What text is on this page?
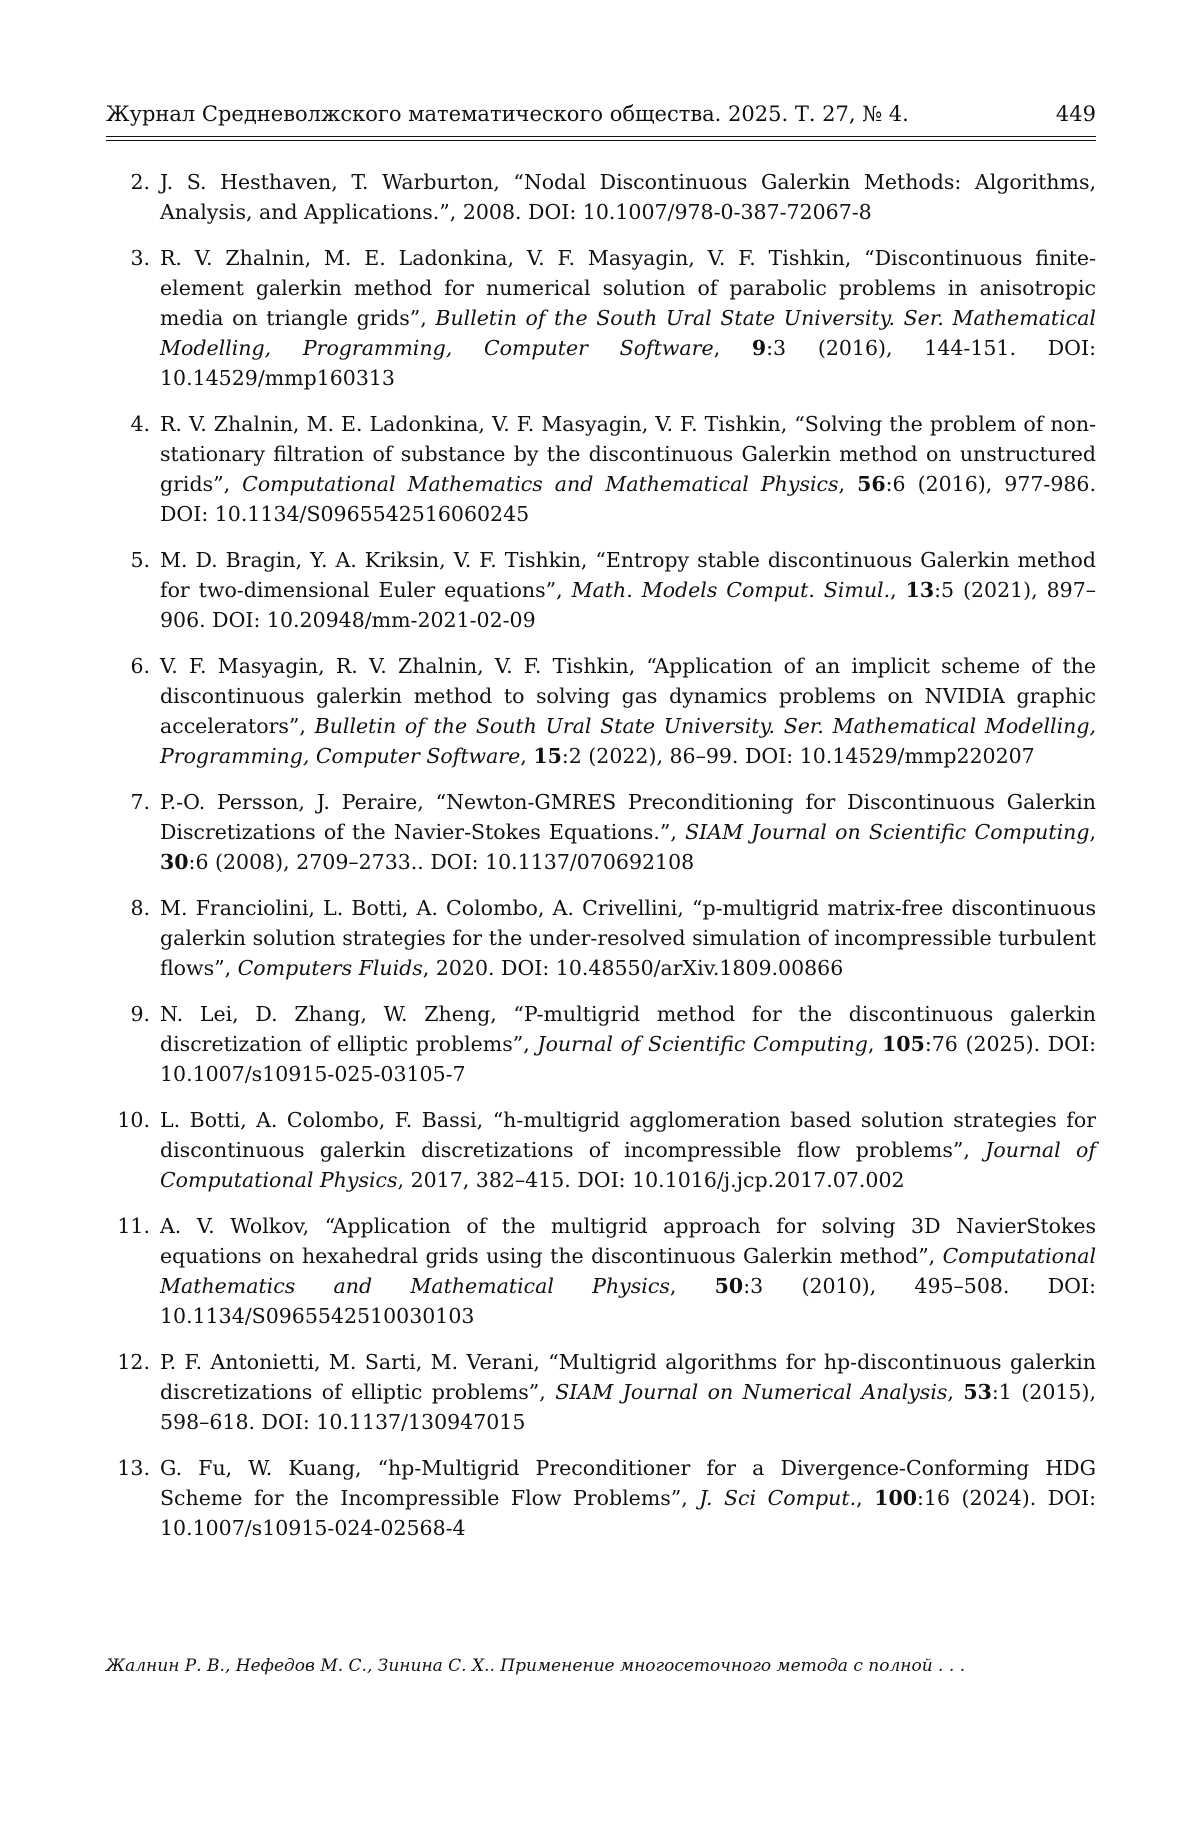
Журнал Средневолжского математического общества. 2025. Т. 27, № 4.	449
2. J. S. Hesthaven, T. Warburton, “Nodal Discontinuous Galerkin Methods: Algorithms, Analysis, and Applications.”, 2008. DOI: 10.1007/978-0-387-72067-8
3. R. V. Zhalnin, M. E. Ladonkina, V. F. Masyagin, V. F. Tishkin, “Discontinuous finite-element galerkin method for numerical solution of parabolic problems in anisotropic media on triangle grids”, Bulletin of the South Ural State University. Ser. Mathematical Modelling, Programming, Computer Software, 9:3 (2016), 144-151. DOI: 10.14529/mmp160313
4. R. V. Zhalnin, M. E. Ladonkina, V. F. Masyagin, V. F. Tishkin, “Solving the problem of non-stationary filtration of substance by the discontinuous Galerkin method on unstructured grids”, Computational Mathematics and Mathematical Physics, 56:6 (2016), 977-986. DOI: 10.1134/S0965542516060245
5. M. D. Bragin, Y. A. Kriksin, V. F. Tishkin, “Entropy stable discontinuous Galerkin method for two-dimensional Euler equations”, Math. Models Comput. Simul., 13:5 (2021), 897–906. DOI: 10.20948/mm-2021-02-09
6. V. F. Masyagin, R. V. Zhalnin, V. F. Tishkin, “Application of an implicit scheme of the discontinuous galerkin method to solving gas dynamics problems on NVIDIA graphic accelerators”, Bulletin of the South Ural State University. Ser. Mathematical Modelling, Programming, Computer Software, 15:2 (2022), 86–99. DOI: 10.14529/mmp220207
7. P.-O. Persson, J. Peraire, “Newton-GMRES Preconditioning for Discontinuous Galerkin Discretizations of the Navier-Stokes Equations.”, SIAM Journal on Scientific Computing, 30:6 (2008), 2709–2733.. DOI: 10.1137/070692108
8. M. Franciolini, L. Botti, A. Colombo, A. Crivellini, “p-multigrid matrix-free discontinuous galerkin solution strategies for the under-resolved simulation of incompressible turbulent flows”, Computers Fluids, 2020. DOI: 10.48550/arXiv.1809.00866
9. N. Lei, D. Zhang, W. Zheng, “P-multigrid method for the discontinuous galerkin discretization of elliptic problems”, Journal of Scientific Computing, 105:76 (2025). DOI: 10.1007/s10915-025-03105-7
10. L. Botti, A. Colombo, F. Bassi, “h-multigrid agglomeration based solution strategies for discontinuous galerkin discretizations of incompressible flow problems”, Journal of Computational Physics, 2017, 382–415. DOI: 10.1016/j.jcp.2017.07.002
11. A. V. Wolkov, “Application of the multigrid approach for solving 3D NavierStokes equations on hexahedral grids using the discontinuous Galerkin method”, Computational Mathematics and Mathematical Physics, 50:3 (2010), 495–508. DOI: 10.1134/S0965542510030103
12. P. F. Antonietti, M. Sarti, M. Verani, “Multigrid algorithms for hp-discontinuous galerkin discretizations of elliptic problems”, SIAM Journal on Numerical Analysis, 53:1 (2015), 598–618. DOI: 10.1137/130947015
13. G. Fu, W. Kuang, “hp-Multigrid Preconditioner for a Divergence-Conforming HDG Scheme for the Incompressible Flow Problems”, J. Sci Comput., 100:16 (2024). DOI: 10.1007/s10915-024-02568-4
Жалнин Р. В., Нефедов М. С., Зинина С. Х.. Применение многосеточного метода с полной . . .
